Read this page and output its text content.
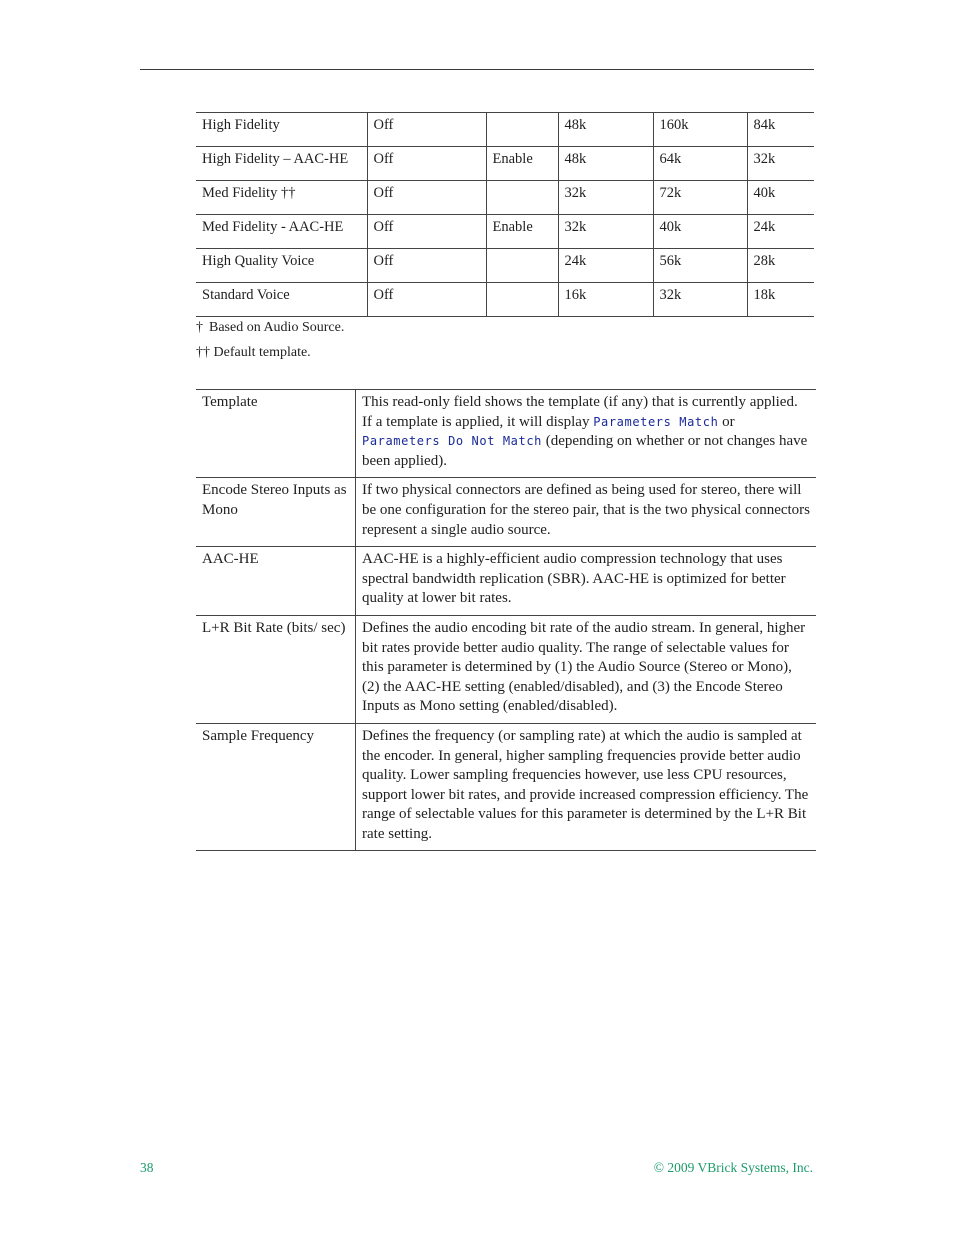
High Fidelity	Off		48k	160k	84k
High Fidelity – AAC-HE	Off	Enable	48k	64k	32k
Med Fidelity ††	Off		32k	72k	40k
Med Fidelity - AAC-HE	Off	Enable	32k	40k	24k
High Quality Voice	Off		24k	56k	28k
Standard Voice	Off		16k	32k	18k
† Based on Audio Source.
†† Default template.
Template	This read-only field shows the template (if any) that is currently applied. If a template is applied, it will display Parameters Match or Parameters Do Not Match (depending on whether or not changes have been applied).
Encode Stereo Inputs as Mono	If two physical connectors are defined as being used for stereo, there will be one configuration for the stereo pair, that is the two physical connectors represent a single audio source.
AAC-HE	AAC-HE is a highly-efficient audio compression technology that uses spectral bandwidth replication (SBR). AAC-HE is optimized for better quality at lower bit rates.
L+R Bit Rate (bits/ sec)	Defines the audio encoding bit rate of the audio stream. In general, higher bit rates provide better audio quality. The range of selectable values for this parameter is determined by (1) the Audio Source (Stereo or Mono), (2) the AAC-HE setting (enabled/disabled), and (3) the Encode Stereo Inputs as Mono setting (enabled/disabled).
Sample Frequency	Defines the frequency (or sampling rate) at which the audio is sampled at the encoder. In general, higher sampling frequencies provide better audio quality. Lower sampling frequencies however, use less CPU resources, support lower bit rates, and provide increased compression efficiency. The range of selectable values for this parameter is determined by the L+R Bit rate setting.
38	© 2009 VBrick Systems, Inc.
